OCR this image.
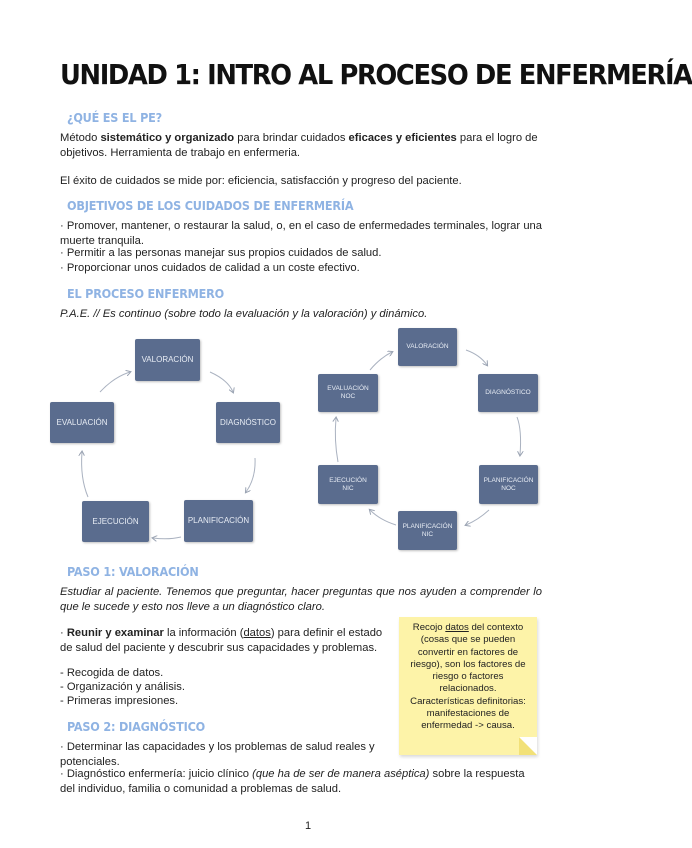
UNIDAD 1: INTRO AL PROCESO DE ENFERMERÍA
¿QUÉ ES EL PE?
Método sistemático y organizado para brindar cuidados eficaces y eficientes para el logro de objetivos. Herramienta de trabajo en enfermeria.
El éxito de cuidados se mide por: eficiencia, satisfacción y progreso del paciente.
OBJETIVOS DE LOS CUIDADOS DE ENFERMERÍA
· Promover, mantener, o restaurar la salud, o, en el caso de enfermedades terminales, lograr una muerte tranquila.
· Permitir a las personas manejar sus propios cuidados de salud.
· Proporcionar unos cuidados de calidad a un coste efectivo.
EL PROCESO ENFERMERO
P.A.E. // Es continuo (sobre todo la evaluación y la valoración) y dinámico.
VALORACIÓN
DIAGNÓSTICO
PLANIFICACIÓN
EJECUCIÓN
EVALUACIÓN
VALORACIÓN
DIAGNÓSTICO
PLANIFICACIÓN
NOC
PLANIFICACIÓN
NIC
EJECUCIÓN
NIC
EVALUACIÓN
NOC
PASO 1: VALORACIÓN
Estudiar al paciente. Tenemos que preguntar, hacer preguntas que nos ayuden a comprender lo que le sucede y esto nos lleve a un diagnóstico claro.
· Reunir y examinar la información (datos) para definir el estado de salud del paciente y descubrir sus capacidades y problemas.
- Recogida de datos.
- Organización y análisis.
- Primeras impresiones.
PASO 2: DIAGNÓSTICO
· Determinar las capacidades y los problemas de salud reales y potenciales.
· Diagnóstico enfermería: juicio clínico (que ha de ser de manera aséptica) sobre la respuesta del individuo, familia o comunidad a problemas de salud.
Recojo datos del contexto (cosas que se pueden convertir en factores de riesgo), son los factores de riesgo o factores relacionados.
Características definitorias: manifestaciones de enfermedad -> causa.
1
